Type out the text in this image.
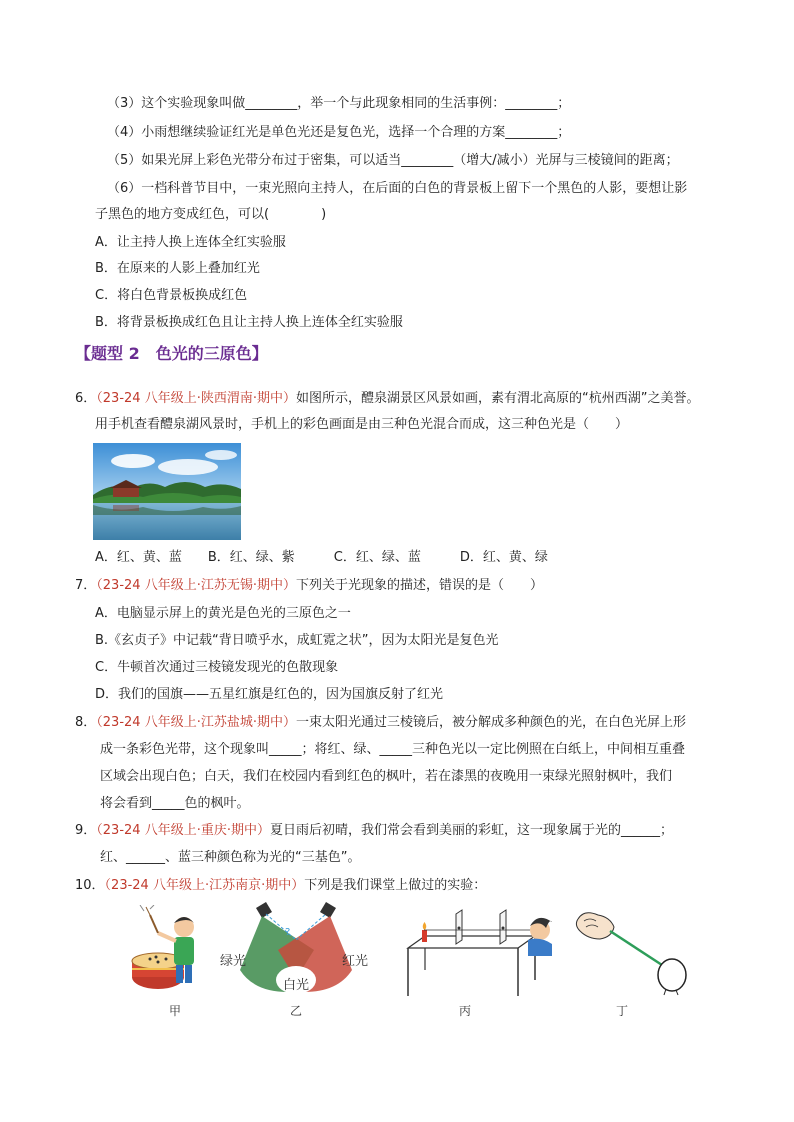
（3）这个实验现象叫做________，举一个与此现象相同的生活事例：________；
（4）小雨想继续验证红光是单色光还是复色光，选择一个合理的方案________；
（5）如果光屏上彩色光带分布过于密集，可以适当________（增大/减小）光屏与三棱镜间的距离；
（6）一档科普节目中，一束光照向主持人，在后面的白色的背景板上留下一个黑色的人影，要想让影
子黑色的地方变成红色，可以(　　　　)
A．让主持人换上连体全红实验服
B．在原来的人影上叠加红光
C．将白色背景板换成红色
B．将背景板换成红色且让主持人换上连体全红实验服
【题型 2　色光的三原色】
6．（23-24 八年级上·陕西渭南·期中）如图所示，醴泉湖景区风景如画，素有渭北高原的“杭州西湖”之美誉。
用手机查看醴泉湖风景时，手机上的彩色画面是由三种色光混合而成，这三种色光是（　　）
A．红、黄、蓝　　B．红、绿、紫　　　C．红、绿、蓝　　　D．红、黄、绿
7．（23-24 八年级上·江苏无锡·期中）下列关于光现象的描述，错误的是（　　）
A．电脑显示屏上的黄光是色光的三原色之一
B.《玄贞子》中记载“背日喷乎水，成虹霓之状”，因为太阳光是复色光
C．牛顿首次通过三棱镜发现光的色散现象
D．我们的国旗——五星红旗是红色的，因为国旗反射了红光
8．（23-24 八年级上·江苏盐城·期中）一束太阳光通过三棱镜后，被分解成多种颜色的光，在白色光屏上形
成一条彩色光带，这个现象叫_____；将红、绿、_____三种色光以一定比例照在白纸上，中间相互重叠
区域会出现白色；白天，我们在校园内看到红色的枫叶，若在漆黑的夜晚用一束绿光照射枫叶，我们
将会看到_____色的枫叶。
9．（23-24 八年级上·重庆·期中）夏日雨后初晴，我们常会看到美丽的彩虹，这一现象属于光的______；
红、______、蓝三种颜色称为光的“三基色”。
10．（23-24 八年级上·江苏南京·期中）下列是我们课堂上做过的实验：
甲
?
绿光	红光
白光
乙	丙	丁
